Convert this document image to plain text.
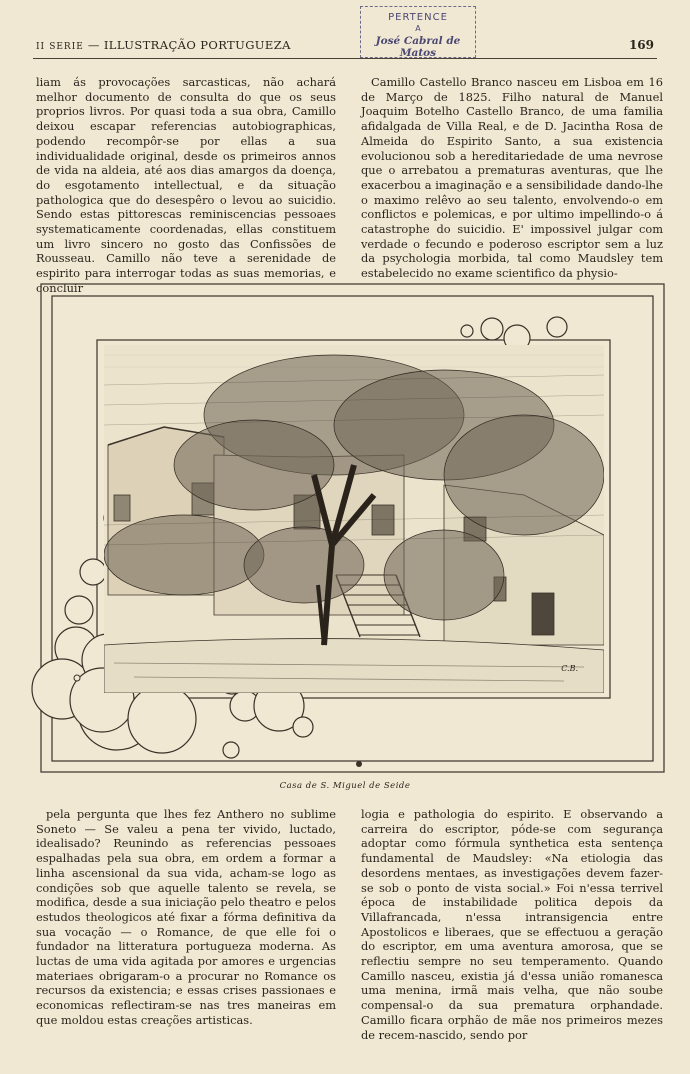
II SERIE — ILLUSTRAÇÃO PORTUGUEZA
PERTENCE
A
José Cabral de Matos
169

liam ás provocações sarcasticas, não achará melhor documento de consulta do que os seus proprios livros. Por quasi toda a sua obra, Camillo deixou escapar referencias autobiographicas, podendo recompôr-se por ellas a sua individualidade original, desde os primeiros annos de vida na aldeia, até aos dias amargos da doença, do esgotamento intellectual, e da situação pathologica que do desespêro o levou ao suicidio. Sendo estas pittorescas reminiscencias pessoaes systematicamente coordenadas, ellas constituem um livro sincero no gosto das Confissões de Rousseau. Camillo não teve a serenidade de espirito para interrogar todas as suas memorias, e concluir

Camillo Castello Branco nasceu em Lisboa em 16 de Março de 1825. Filho natural de Manuel Joaquim Botelho Castello Branco, de uma familia afidalgada de Villa Real, e de D. Jacintha Rosa de Almeida do Espirito Santo, a sua existencia evolucionou sob a hereditariedade de uma nevrose que o arrebatou a prematuras aventuras, que lhe exacerbou a imaginação e a sensibilidade dando-lhe o maximo relêvo ao seu talento, envolvendo-o em conflictos e polemicas, e por ultimo impellindo-o á catastrophe do suicidio. E' impossivel julgar com verdade o fecundo e poderoso escriptor sem a luz da psychologia morbida, tal como Maudsley tem estabelecido no exame scientifico da physio-

C.B.
Casa de S. Miguel de Seide

pela pergunta que lhes fez Anthero no sublime Soneto — Se valeu a pena ter vivido, luctado, idealisado? Reunindo as referencias pessoaes espalhadas pela sua obra, em ordem a formar a linha ascensional da sua vida, acham-se logo as condições sob que aquelle talento se revela, se modifica, desde a sua iniciação pelo theatro e pelos estudos theologicos até fixar a fórma definitiva da sua vocação — o Romance, de que elle foi o fundador na litteratura portugueza moderna. As luctas de uma vida agitada por amores e urgencias materiaes obrigaram-o a procurar no Romance os recursos da existencia; e essas crises passionaes e economicas reflectiram-se nas tres maneiras em que moldou estas creações artisticas.

logia e pathologia do espirito. E observando a carreira do escriptor, póde-se com segurança adoptar como fórmula synthetica esta sentença fundamental de Maudsley: «Na etiologia das desordens mentaes, as investigações devem fazer-se sob o ponto de vista social.» Foi n'essa terrivel época de instabilidade politica depois da Villafrancada, n'essa intransigencia entre Apostolicos e liberaes, que se effectuou a geração do escriptor, em uma aventura amorosa, que se reflectiu sempre no seu temperamento. Quando Camillo nasceu, existia já d'essa união romanesca uma menina, irmã mais velha, que não soube compensal-o da sua prematura orphandade. Camillo ficara orphão de mãe nos primeiros mezes de recem-nascido, sendo por
